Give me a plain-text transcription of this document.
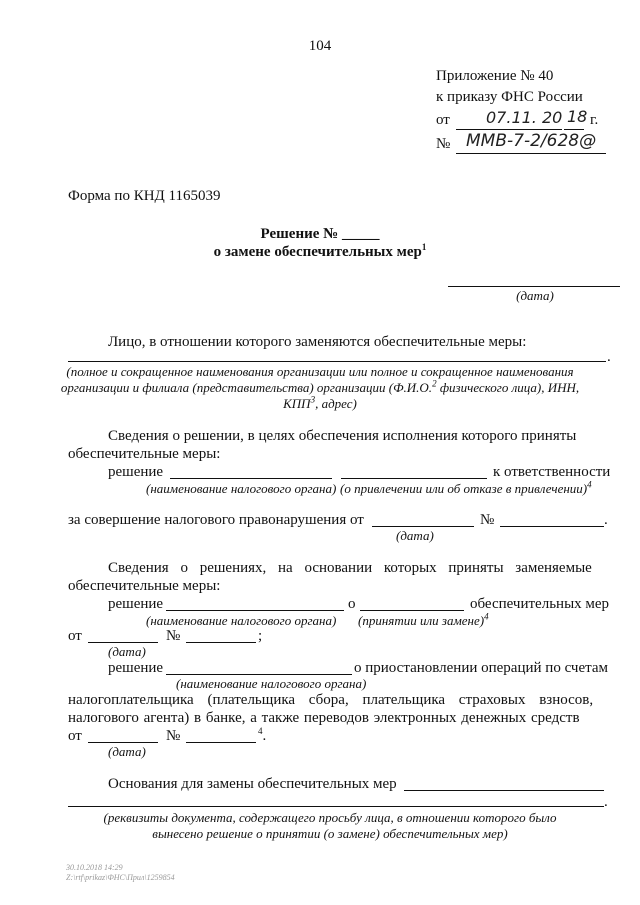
104
Приложение № 40
к приказу ФНС России
от 07.11. 20 18 г.
№ ММВ-7-2/628@
Форма по КНД 1165039
Решение № _____
о замене обеспечительных мер$^1$
(дата)
Лицо, в отношении которого заменяются обеспечительные меры:
.
(полное и сокращенное наименования организации или полное и сокращенное наименования
организации и филиала (представительства) организации (Ф.И.О.$^2$ физического лица), ИНН,
КПП$^3$, адрес)
Сведения о решении, в целях обеспечения исполнения которого приняты
обеспечительные меры:
решение	к ответственности
(наименование налогового органа) (о привлечении или об отказе в привлечении)$^4$
за совершение налогового правонарушения от	№	.
(дата)
Сведения о решениях, на основании которых приняты заменяемые
обеспечительные меры:
решение	о	обеспечительных мер
(наименование налогового органа) (принятии или замене)$^4$
от	№	;
(дата)
решение	о приостановлении операций по счетам
(наименование налогового органа)
налогоплательщика (плательщика сбора, плательщика страховых взносов,
налогового агента) в банке, а также переводов электронных денежных средств
от	№	$^4$.
(дата)
Основания для замены обеспечительных мер
.
(реквизиты документа, содержащего просьбу лица, в отношении которого было
вынесено решение о принятии (о замене) обеспечительных мер)
30.10.2018 14:29
Z:\rtf\prikaz\ФНС\Прил\1259854
